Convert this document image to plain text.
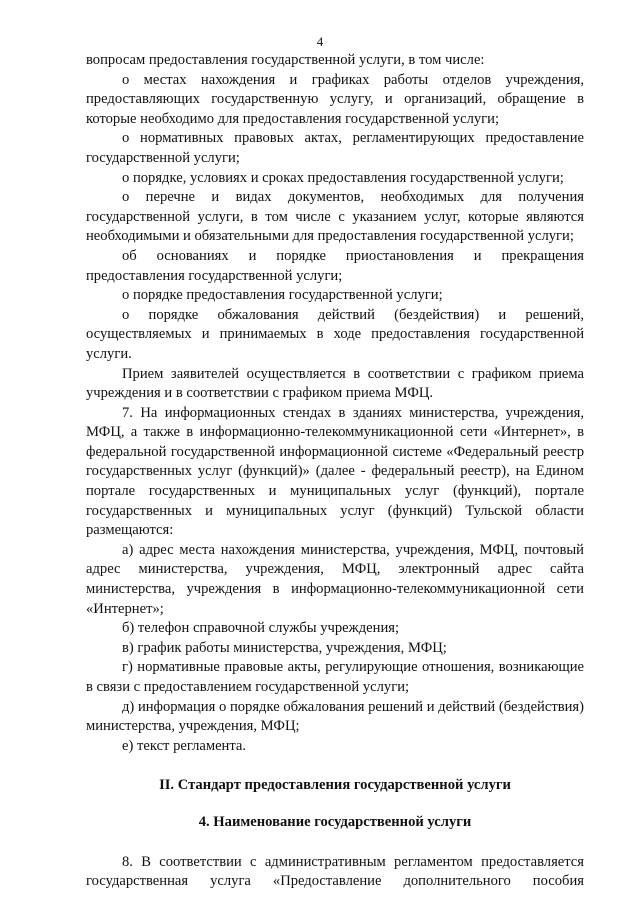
4

вопросам предоставления государственной услуги, в том числе:

о местах нахождения и графиках работы отделов учреждения, предоставляющих государственную услугу, и организаций, обращение в которые необходимо для предоставления государственной услуги;

о нормативных правовых актах, регламентирующих предоставление государственной услуги;

о порядке, условиях и сроках предоставления государственной услуги;

о перечне и видах документов, необходимых для получения государственной услуги, в том числе с указанием услуг, которые являются необходимыми и обязательными для предоставления государственной услуги;

об основаниях и порядке приостановления и прекращения предоставления государственной услуги;

о порядке предоставления государственной услуги;

о порядке обжалования действий (бездействия) и решений, осуществляемых и принимаемых в ходе предоставления государственной услуги.

Прием заявителей осуществляется в соответствии с графиком приема учреждения и в соответствии с графиком приема МФЦ.

7. На информационных стендах в зданиях министерства, учреждения, МФЦ, а также в информационно-телекоммуникационной сети «Интернет», в федеральной государственной информационной системе «Федеральный реестр государственных услуг (функций)» (далее - федеральный реестр), на Едином портале государственных и муниципальных услуг (функций), портале государственных и муниципальных услуг (функций) Тульской области размещаются:

а) адрес места нахождения министерства, учреждения, МФЦ, почтовый адрес министерства, учреждения, МФЦ, электронный адрес сайта министерства, учреждения в информационно-телекоммуникационной сети «Интернет»;

б) телефон справочной службы учреждения;

в) график работы министерства, учреждения, МФЦ;

г) нормативные правовые акты, регулирующие отношения, возникающие в связи с предоставлением государственной услуги;

д) информация о порядке обжалования решений и действий (бездействия) министерства, учреждения, МФЦ;

е) текст регламента.

II. Стандарт предоставления государственной услуги

4. Наименование государственной услуги

8. В соответствии с административным регламентом предоставляется государственная услуга «Предоставление дополнительного пособия
